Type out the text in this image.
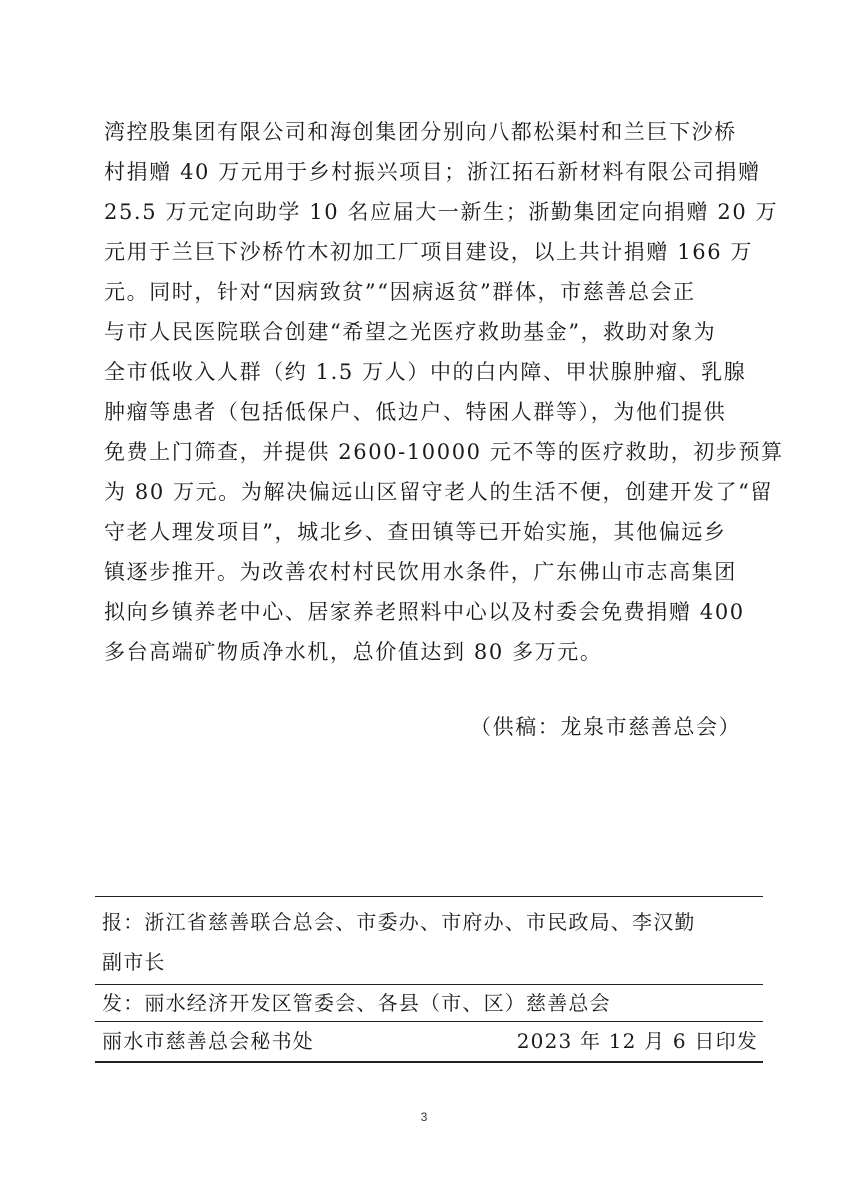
湾控股集团有限公司和海创集团分别向八都松渠村和兰巨下沙桥
村捐赠 40 万元用于乡村振兴项目；浙江拓石新材料有限公司捐赠
25.5 万元定向助学 10 名应届大一新生；浙勤集团定向捐赠 20 万
元用于兰巨下沙桥竹木初加工厂项目建设，以上共计捐赠 166 万
元。同时，针对“因病致贫”“因病返贫”群体，市慈善总会正
与市人民医院联合创建“希望之光医疗救助基金”，救助对象为
全市低收入人群（约 1.5 万人）中的白内障、甲状腺肿瘤、乳腺
肿瘤等患者（包括低保户、低边户、特困人群等），为他们提供
免费上门筛查，并提供 2600-10000 元不等的医疗救助，初步预算
为 80 万元。为解决偏远山区留守老人的生活不便，创建开发了“留
守老人理发项目”，城北乡、查田镇等已开始实施，其他偏远乡
镇逐步推开。为改善农村村民饮用水条件，广东佛山市志高集团
拟向乡镇养老中心、居家养老照料中心以及村委会免费捐赠 400
多台高端矿物质净水机，总价值达到 80 多万元。
（供稿：龙泉市慈善总会）
报：浙江省慈善联合总会、市委办、市府办、市民政局、李汉勤
副市长
发：丽水经济开发区管委会、各县（市、区）慈善总会
丽水市慈善总会秘书处	2023 年 12 月 6 日印发
3
